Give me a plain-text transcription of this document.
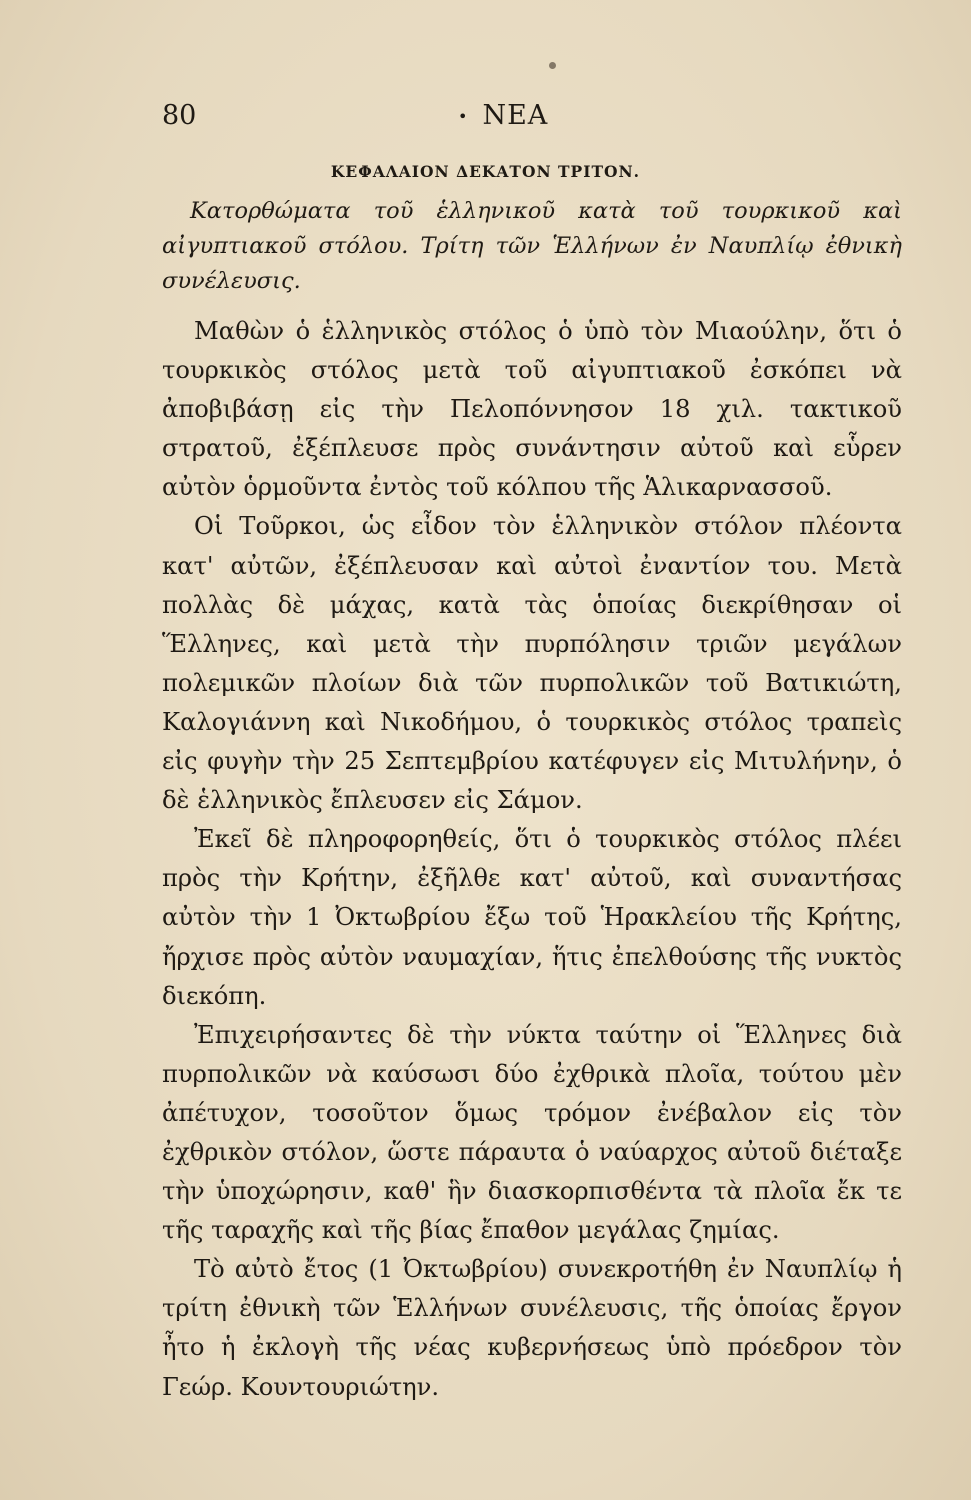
80	• ΝΕΑ
ΚΕΦΑΛΑΙΟΝ ΔΕΚΑΤΟΝ ΤΡΙΤΟΝ.
Κατορθώματα τοῦ ἑλληνικοῦ κατὰ τοῦ τουρκικοῦ καὶ αἰγυπτιακοῦ στόλου. Τρίτη τῶν Ἑλλήνων ἐν Ναυπλίῳ ἐθνικὴ συνέλευσις.

Μαθὼν ὁ ἑλληνικὸς στόλος ὁ ὑπὸ τὸν Μιαούλην, ὅτι ὁ τουρκικὸς στόλος μετὰ τοῦ αἰγυπτιακοῦ ἐσκόπει νὰ ἀποβιβάσῃ εἰς τὴν Πελοπόννησον 18 χιλ. τακτικοῦ στρατοῦ, ἐξέπλευσε πρὸς συνάντησιν αὐτοῦ καὶ εὗρεν αὐτὸν ὁρμοῦντα ἐντὸς τοῦ κόλπου τῆς Ἁλικαρνασσοῦ.

Οἱ Τοῦρκοι, ὡς εἶδον τὸν ἑλληνικὸν στόλον πλέοντα κατ' αὐτῶν, ἐξέπλευσαν καὶ αὐτοὶ ἐναντίον του. Μετὰ πολλὰς δὲ μάχας, κατὰ τὰς ὁποίας διεκρίθησαν οἱ Ἕλληνες, καὶ μετὰ τὴν πυρπόλησιν τριῶν μεγάλων πολεμικῶν πλοίων διὰ τῶν πυρπολικῶν τοῦ Βατικιώτη, Καλογιάννη καὶ Νικοδήμου, ὁ τουρκικὸς στόλος τραπεὶς εἰς φυγὴν τὴν 25 Σεπτεμβρίου κατέφυγεν εἰς Μιτυλήνην, ὁ δὲ ἑλληνικὸς ἔπλευσεν εἰς Σάμον.

Ἐκεῖ δὲ πληροφορηθείς, ὅτι ὁ τουρκικὸς στόλος πλέει πρὸς τὴν Κρήτην, ἐξῆλθε κατ' αὐτοῦ, καὶ συναντήσας αὐτὸν τὴν 1 Ὀκτωβρίου ἔξω τοῦ Ἡρακλείου τῆς Κρήτης, ἤρχισε πρὸς αὐτὸν ναυμαχίαν, ἥτις ἐπελθούσης τῆς νυκτὸς διεκόπη.

Ἐπιχειρήσαντες δὲ τὴν νύκτα ταύτην οἱ Ἕλληνες διὰ πυρπολικῶν νὰ καύσωσι δύο ἐχθρικὰ πλοῖα, τούτου μὲν ἀπέτυχον, τοσοῦτον ὅμως τρόμον ἐνέβαλον εἰς τὸν ἐχθρικὸν στόλον, ὥστε πάραυτα ὁ ναύαρχος αὐτοῦ διέταξε τὴν ὑποχώρησιν, καθ' ἣν διασκορπισθέντα τὰ πλοῖα ἔκ τε τῆς ταραχῆς καὶ τῆς βίας ἔπαθον μεγάλας ζημίας.

Τὸ αὐτὸ ἔτος (1 Ὀκτωβρίου) συνεκροτήθη ἐν Ναυπλίῳ ἡ τρίτη ἐθνικὴ τῶν Ἑλλήνων συνέλευσις, τῆς ὁποίας ἔργον ἦτο ἡ ἐκλογὴ τῆς νέας κυβερνήσεως ὑπὸ πρόεδρον τὸν Γεώρ. Κουντουριώτην.
